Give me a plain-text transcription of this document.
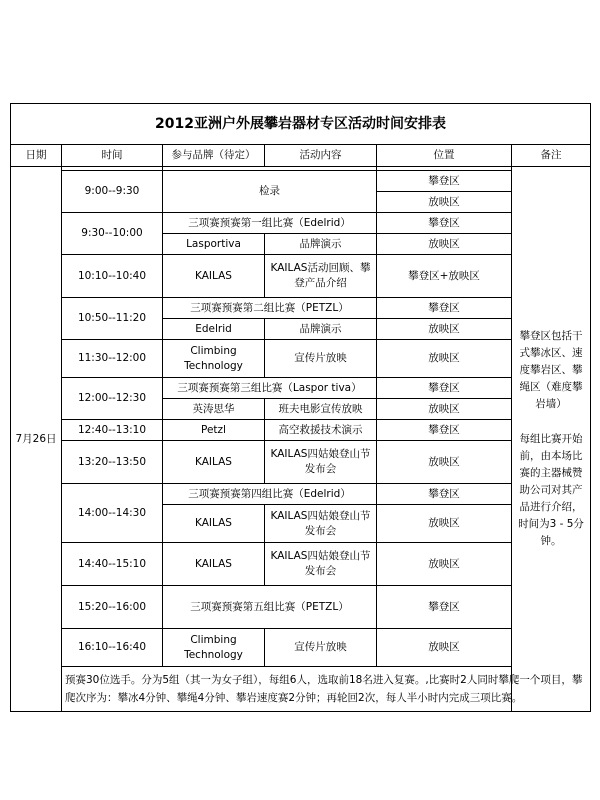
2012亚洲户外展攀岩器材专区活动时间安排表					
日期	时间	参与品牌（待定）	活动内容	位置	备注
7月26日					攀登区包括干式攀冰区、速度攀岩区、攀绳区（难度攀岩墙）

每组比赛开始前，由本场比赛的主器械赞助公司对其产品进行介绍，时间为3 - 5分钟。

	9:00--9:30	检录		攀登区	
				放映区	
	9:30--10:00	三项赛预赛第一组比赛（Edelrid）		攀登区	
		Lasportiva	品牌演示	放映区	
	10:10--10:40	KAILAS	KAILAS活动回顾、攀登产品介绍	攀登区+放映区	
	10:50--11:20	三项赛预赛第二组比赛（PETZL）		攀登区	
		Edelrid	品牌演示	放映区	
	11:30--12:00	Climbing Technology	宣传片放映	放映区	
	12:00--12:30	三项赛预赛第三组比赛（Laspor tiva）		攀登区	
		英涛思华	班夫电影宣传放映	放映区	
	12:40--13:10	Petzl	高空救援技术演示	攀登区	
	13:20--13:50	KAILAS	KAILAS四姑娘登山节发布会	放映区	
	14:00--14:30	三项赛预赛第四组比赛（Edelrid）		攀登区	
		KAILAS	KAILAS四姑娘登山节发布会	放映区	
	14:40--15:10	KAILAS	KAILAS四姑娘登山节发布会	放映区	
	15:20--16:00	三项赛预赛第五组比赛（PETZL）		攀登区	
	16:10--16:40	Climbing Technology	宣传片放映	放映区	
	预赛30位选手。分为5组（其一为女子组），每组6人，选取前18名进入复赛。,比赛时2人同时攀爬一个项目，攀爬次序为：攀冰4分钟、攀绳4分钟、攀岩速度赛2分钟；再轮回2次，每人半小时内完成三项比赛。				
